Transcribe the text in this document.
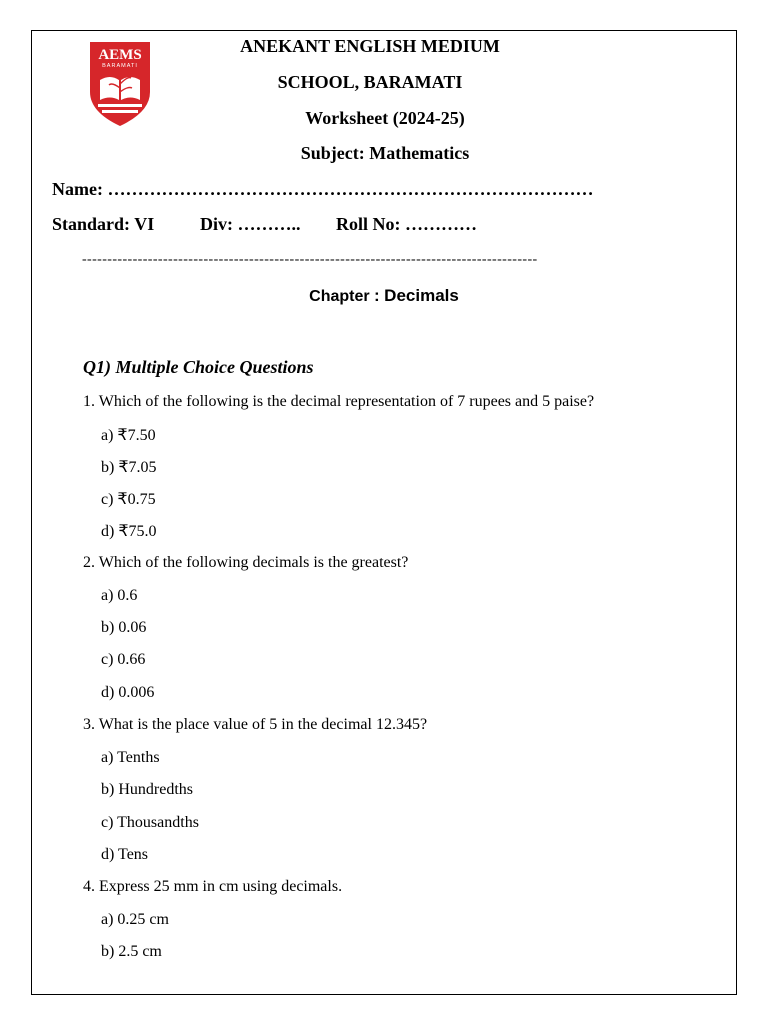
AEMS
BARAMATI
ANEKANT ENGLISH MEDIUM
SCHOOL, BARAMATI
Worksheet (2024-25)
Subject: Mathematics
Name: ………………………………………………………………………
Standard: VI	Div: ……….. Roll No: …………
------------------------------------------------------------------------------------------
Chapter : Decimals
Q1) Multiple Choice Questions
1. Which of the following is the decimal representation of 7 rupees and 5 paise?
a) ₹7.50
b) ₹7.05
c) ₹0.75
d) ₹75.0
2. Which of the following decimals is the greatest?
a) 0.6
b) 0.06
c) 0.66
d) 0.006
3. What is the place value of 5 in the decimal 12.345?
a) Tenths
b) Hundredths
c) Thousandths
d) Tens
4. Express 25 mm in cm using decimals.
a) 0.25 cm
b) 2.5 cm
